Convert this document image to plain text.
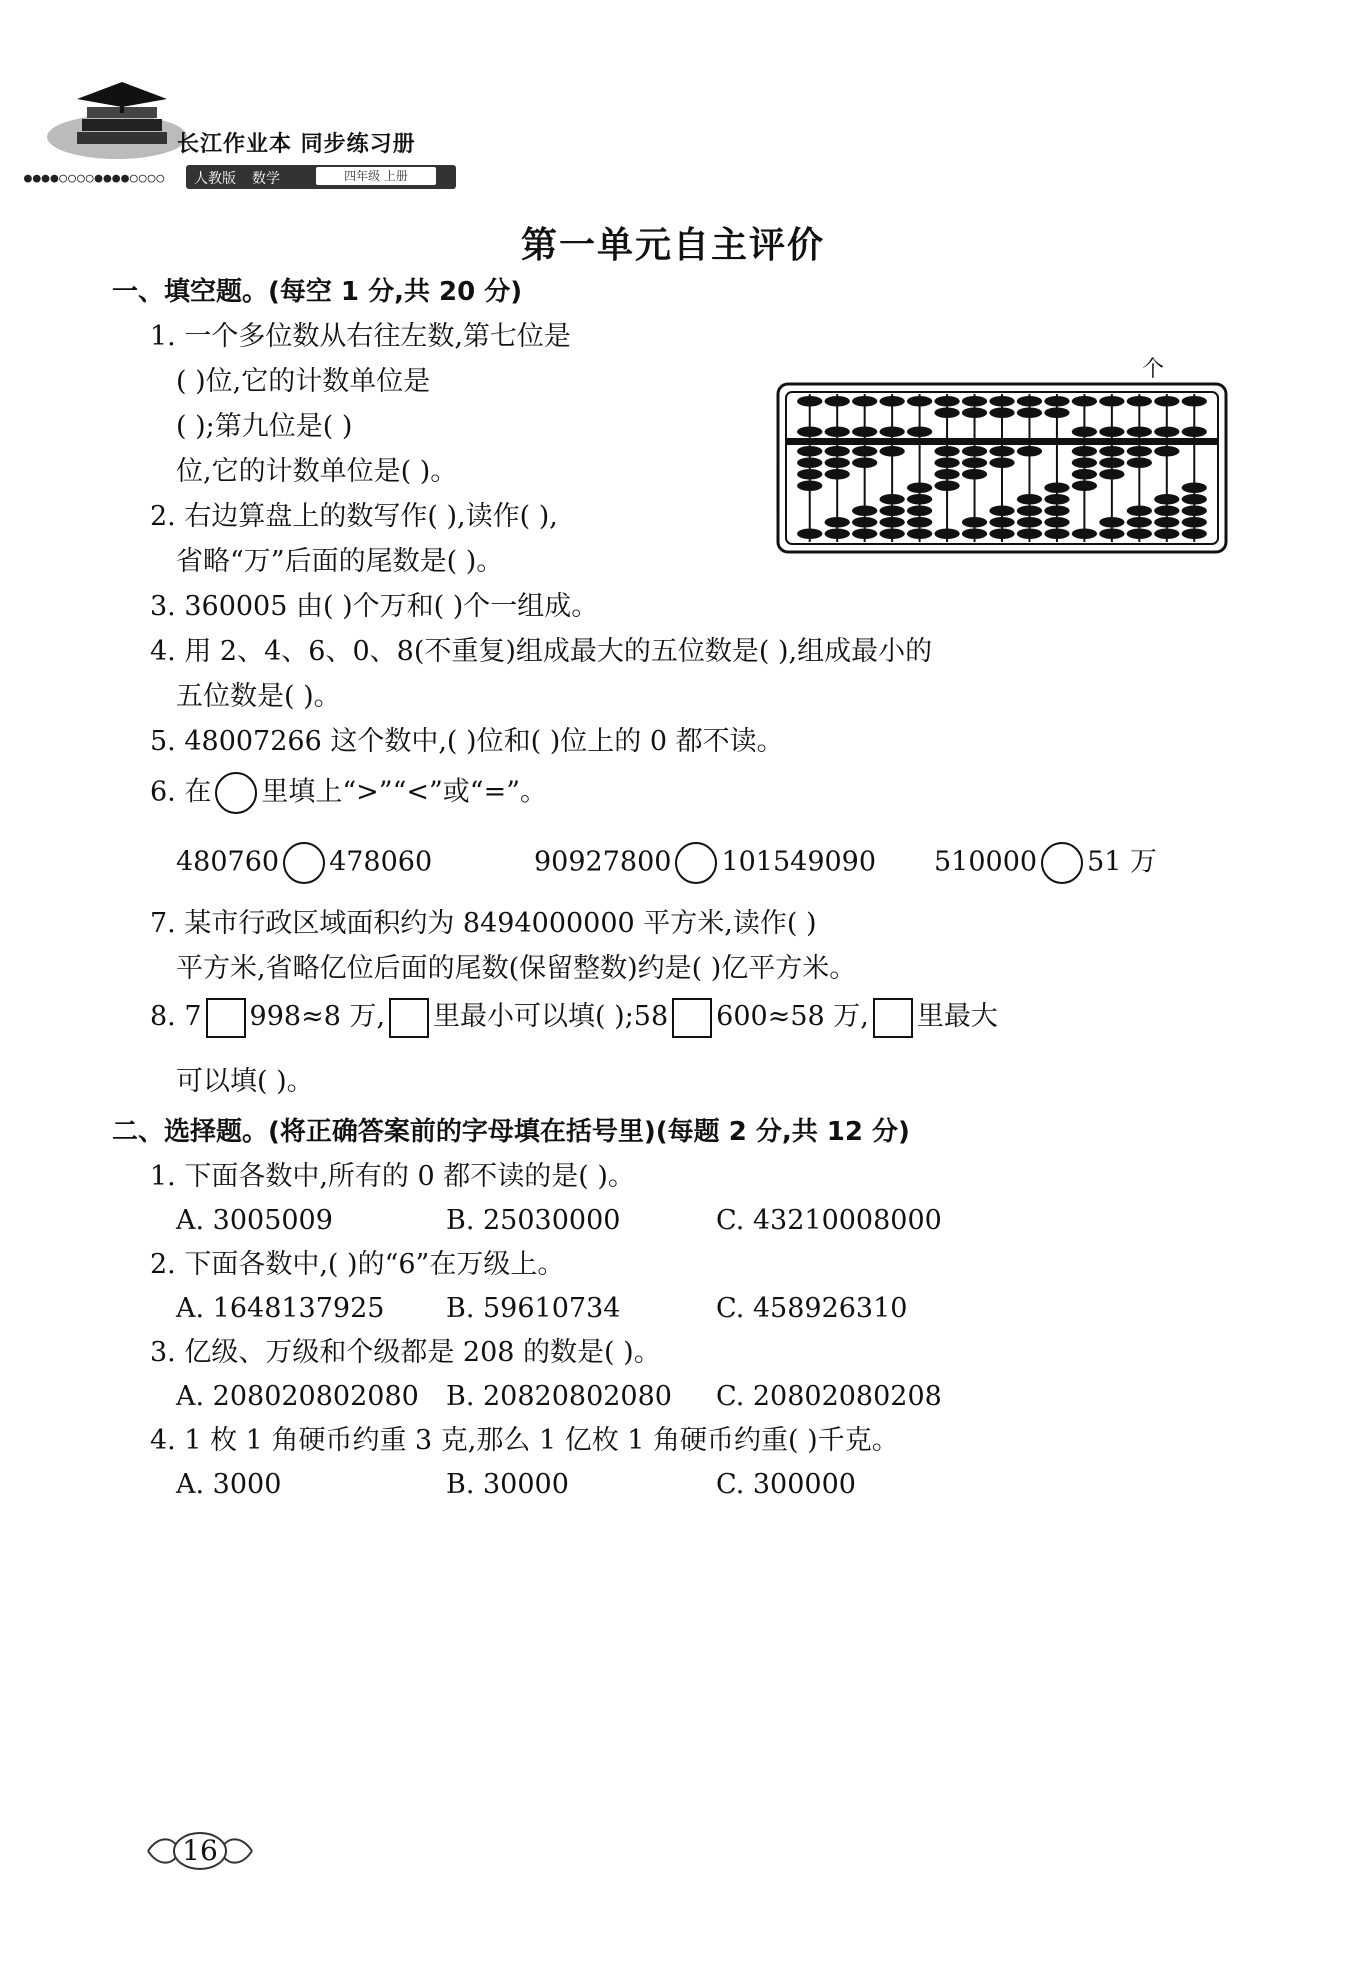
长江作业本 同步练习册
●●●●○○○○●●●●○○○○ 人教版 数学	四年级 上册
第一单元自主评价
一、填空题。(每空 1 分,共 20 分)
1. 一个多位数从右往左数,第七位是
( )位,它的计数单位是
( );第九位是( )
位,它的计数单位是( )。
个
2. 右边算盘上的数写作( ),读作( ),
省略“万”后面的尾数是( )。
3. 360005 由( )个万和( )个一组成。
4. 用 2、4、6、0、8(不重复)组成最大的五位数是( ),组成最小的
五位数是( )。
5. 48007266 这个数中,( )位和( )位上的 0 都不读。
6. 在 里填上“>”“<”或“=”。
480760 478060	90927800 101549090 510000 51 万
7. 某市行政区域面积约为 8494000000 平方米,读作( )
平方米,省略亿位后面的尾数(保留整数)约是( )亿平方米。
8. 7 998≈8 万, 里最小可以填( );58 600≈58 万, 里最大
可以填( )。
二、选择题。(将正确答案前的字母填在括号里)(每题 2 分,共 12 分)
1. 下面各数中,所有的 0 都不读的是( )。
A. 3005009	B. 25030000	C. 43210008000
2. 下面各数中,( )的“6”在万级上。
A. 1648137925 B. 59610734	C. 458926310
3. 亿级、万级和个级都是 208 的数是( )。
A. 208020802080 B. 20820802080 C. 20802080208
4. 1 枚 1 角硬币约重 3 克,那么 1 亿枚 1 角硬币约重( )千克。
A. 3000	B. 30000	C. 300000
16
